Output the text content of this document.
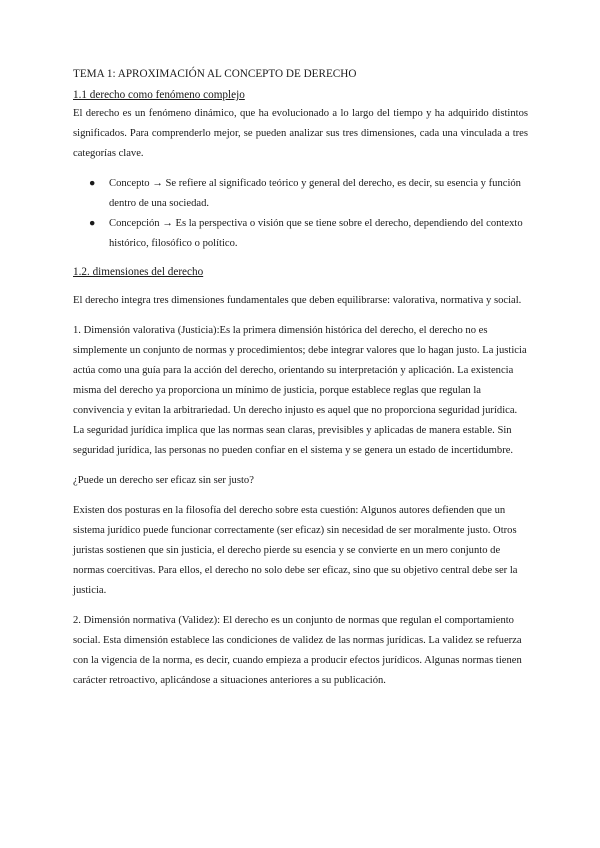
TEMA 1: APROXIMACIÓN AL CONCEPTO DE DERECHO
1.1 derecho como fenómeno complejo

El derecho es un fenómeno dinámico, que ha evolucionado a lo largo del tiempo y ha adquirido distintos significados. Para comprenderlo mejor, se pueden analizar sus tres dimensiones, cada una vinculada a tres categorías clave.

● Concepto → Se refiere al significado teórico y general del derecho, es decir, su esencia y función dentro de una sociedad.
● Concepción → Es la perspectiva o visión que se tiene sobre el derecho, dependiendo del contexto histórico, filosófico o político.

1.2. dimensiones del derecho

El derecho integra tres dimensiones fundamentales que deben equilibrarse: valorativa, normativa y social.

1. Dimensión valorativa (Justicia):Es la primera dimensión histórica del derecho, el derecho no es simplemente un conjunto de normas y procedimientos; debe integrar valores que lo hagan justo. La justicia actúa como una guía para la acción del derecho, orientando su interpretación y aplicación. La existencia misma del derecho ya proporciona un mínimo de justicia, porque establece reglas que regulan la convivencia y evitan la arbitrariedad. Un derecho injusto es aquel que no proporciona seguridad jurídica. La seguridad jurídica implica que las normas sean claras, previsibles y aplicadas de manera estable. Sin seguridad jurídica, las personas no pueden confiar en el sistema y se genera un estado de incertidumbre.

¿Puede un derecho ser eficaz sin ser justo?

Existen dos posturas en la filosofía del derecho sobre esta cuestión: Algunos autores defienden que un sistema jurídico puede funcionar correctamente (ser eficaz) sin necesidad de ser moralmente justo. Otros juristas sostienen que sin justicia, el derecho pierde su esencia y se convierte en un mero conjunto de normas coercitivas. Para ellos, el derecho no solo debe ser eficaz, sino que su objetivo central debe ser la justicia.

2. Dimensión normativa (Validez): El derecho es un conjunto de normas que regulan el comportamiento social. Esta dimensión establece las condiciones de validez de las normas jurídicas. La validez se refuerza con la vigencia de la norma, es decir, cuando empieza a producir efectos jurídicos. Algunas normas tienen carácter retroactivo, aplicándose a situaciones anteriores a su publicación.
